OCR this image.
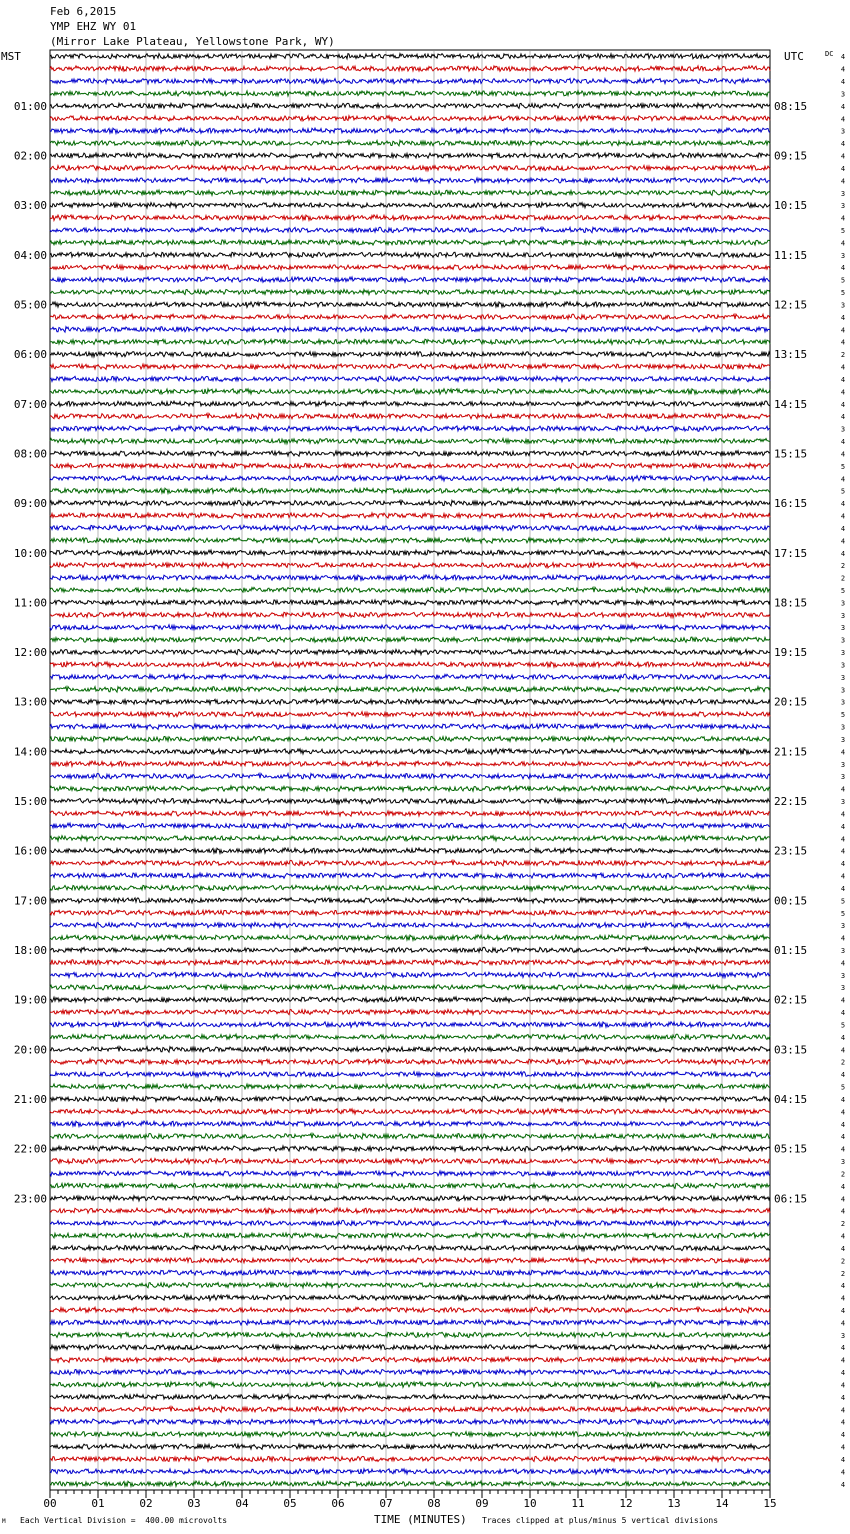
Feb 6,2015
YMP EHZ WY 01
(Mirror Lake Plateau, Yellowstone Park, WY)
MST	UTC	DC
01:00
02:00
03:00
04:00
05:00
06:00
07:00
08:00
09:00
10:00
11:00
12:00
13:00
14:00
15:00
16:00
17:00
18:00
19:00
20:00
21:00
22:00
23:00
08:15
09:15
10:15
11:15
12:15
13:15
14:15
15:15
16:15
17:15
18:15
19:15
20:15
21:15
22:15
23:15
00:15
01:15
02:15
03:15
04:15
05:15
06:15
4
4
4
3
4
4
3
4
4
4
4
3
3
4
5
4
3
4
5
5
3
4
4
4
2
4
4
4
4
4
3
4
4
5
4
5
4
4
4
4
4
2
2
5
3
3
3
3
3
3
3
3
3
5
3
3
4
3
3
4
3
4
4
4
4
4
4
4
5
5
3
4
3
4
3
3
4
4
5
4
4
2
4
5
4
4
4
4
4
3
2
4
4
4
2
4
4
2
2
4
4
4
4
3
4
4
4
4
4
4
4
4
4
4
4
4
00	01	02	03	04	05	06	07	08	09	10	11	12	13	14	15
M Each Vertical Division =  400.00 microvolts	TIME (MINUTES) Traces clipped at plus/minus 5 vertical divisions
